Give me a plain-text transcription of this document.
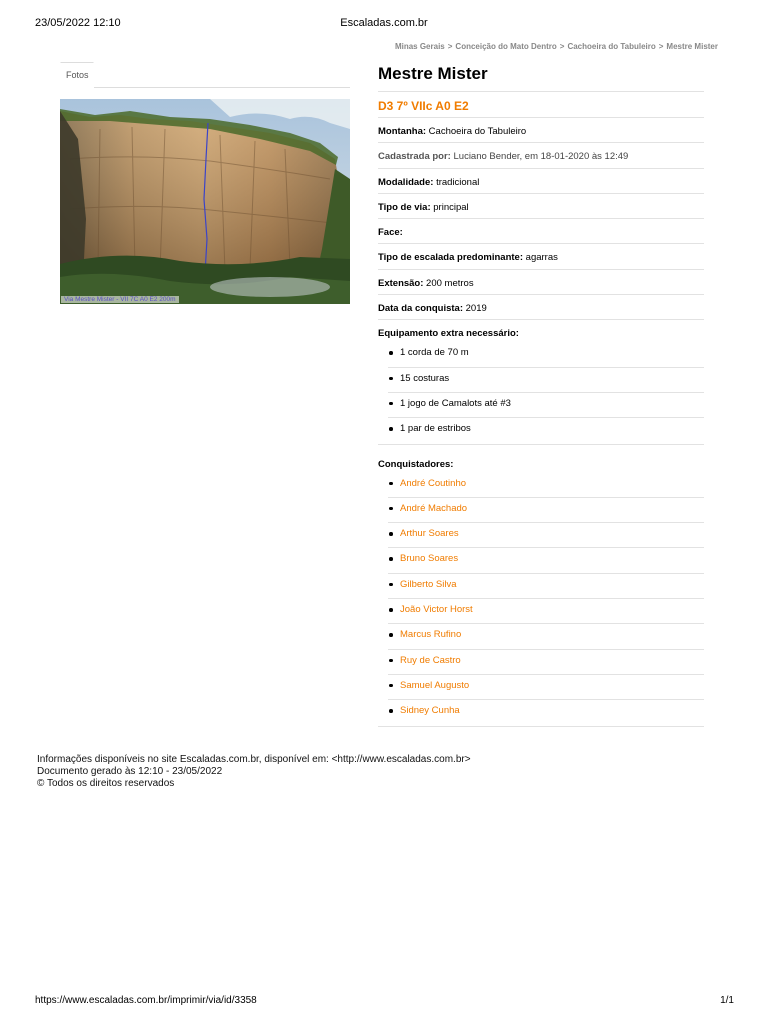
23/05/2022 12:10	Escaladas.com.br
Minas Gerais > Conceição do Mato Dentro > Cachoeira do Tabuleiro > Mestre Mister
Fotos
Via Mestre Mister - VII 7C A0 E2 200m
Mestre Mister
D3 7º VIIc A0 E2
Montanha: Cachoeira do Tabuleiro
Cadastrada por: Luciano Bender, em 18-01-2020 às 12:49
Modalidade: tradicional
Tipo de via: principal
Face:
Tipo de escalada predominante: agarras
Extensão: 200 metros
Data da conquista: 2019
Equipamento extra necessário:
1 corda de 70 m
15 costuras
1 jogo de Camalots até #3
1 par de estribos
Conquistadores:
André Coutinho
André Machado
Arthur Soares
Bruno Soares
Gilberto Silva
João Victor Horst
Marcus Rufino
Ruy de Castro
Samuel Augusto
Sidney Cunha
Informações disponíveis no site Escaladas.com.br, disponível em: <http://www.escaladas.com.br>
Documento gerado às 12:10 - 23/05/2022
© Todos os direitos reservados
https://www.escaladas.com.br/imprimir/via/id/3358	1/1
